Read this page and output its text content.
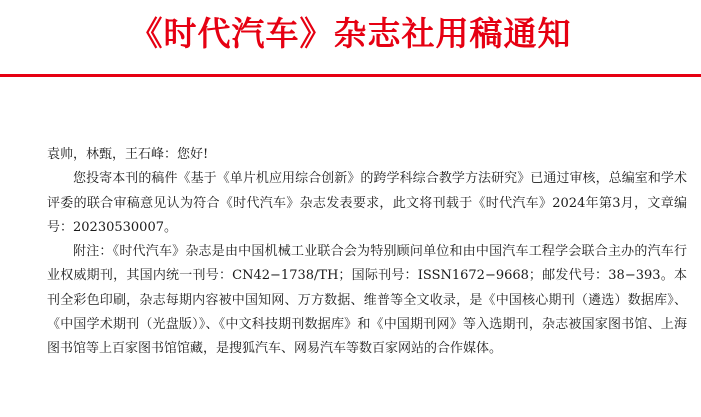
《时代汽车》杂志社用稿通知

袁帅，林甄，王石峰：您好!

您投寄本刊的稿件《基于《单片机应用综合创新》的跨学科综合教学方法研究》已通过审核，总编室和学术评委的联合审稿意见认为符合《时代汽车》杂志发表要求，此文将刊载于《时代汽车》2024年第3月，文章编号：20230530007。

附注：《时代汽车》杂志是由中国机械工业联合会为特别顾问单位和由中国汽车工程学会联合主办的汽车行业权威期刊，其国内统一刊号：CN42−1738/TH；国际刊号：ISSN1672−9668；邮发代号：38−393。本刊全彩色印刷，杂志每期内容被中国知网、万方数据、维普等全文收录，是《中国核心期刊（遴选）数据库》、《中国学术期刊（光盘版）》、《中文科技期刊数据库》和《中国期刊网》等入选期刊，杂志被国家图书馆、上海图书馆等上百家图书馆馆藏，是搜狐汽车、网易汽车等数百家网站的合作媒体。
